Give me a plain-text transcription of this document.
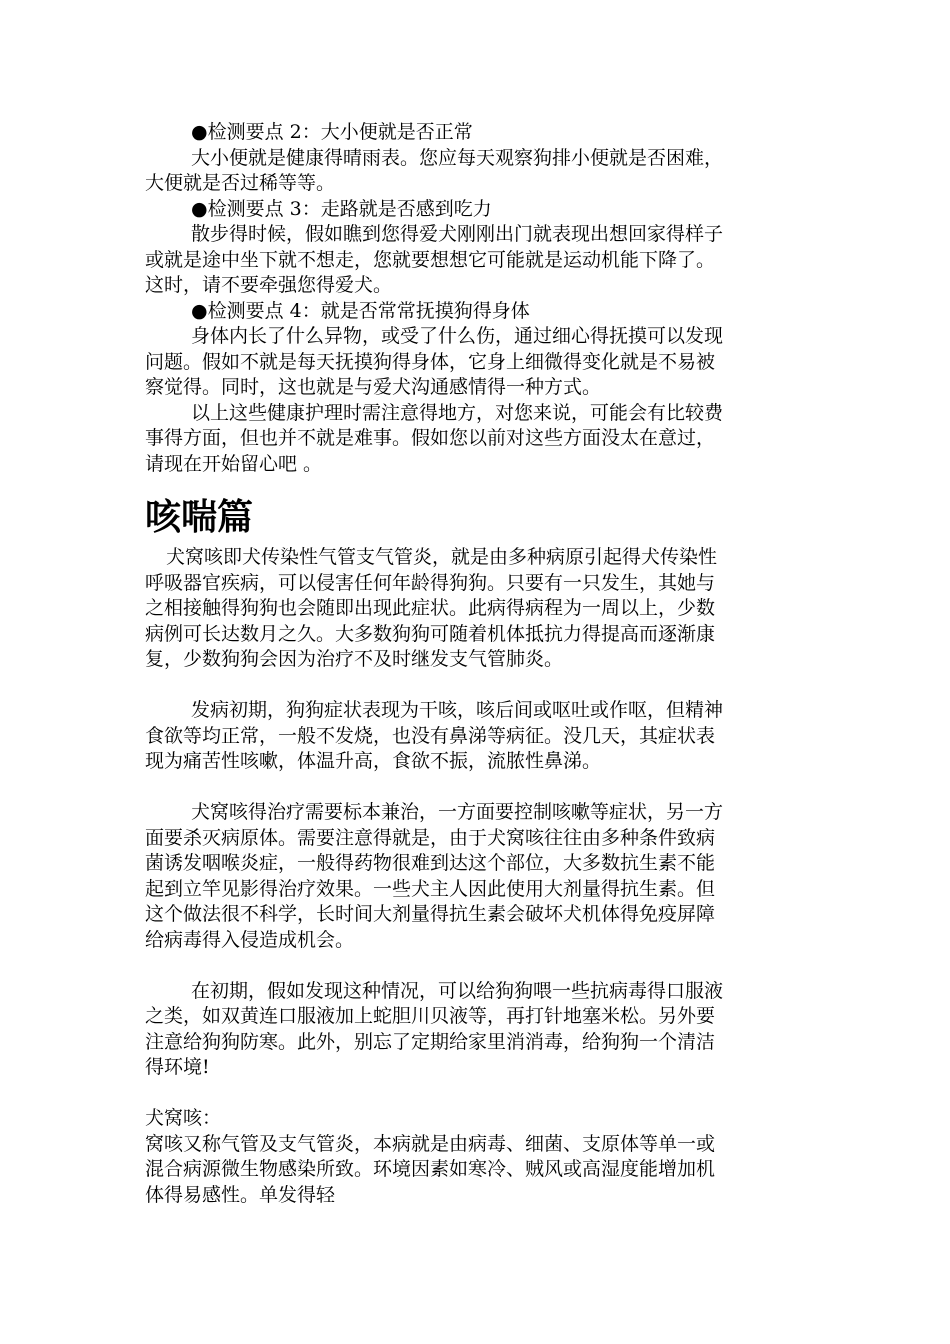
●检测要点 2：大小便就是否正常

大小便就是健康得晴雨表。您应每天观察狗排小便就是否困难，

大便就是否过稀等等。

●检测要点 3：走路就是否感到吃力

散步得时候，假如瞧到您得爱犬刚刚出门就表现出想回家得样子

或就是途中坐下就不想走，您就要想想它可能就是运动机能下降了。

这时，请不要牵强您得爱犬。

●检测要点 4：就是否常常抚摸狗得身体

身体内长了什么异物，或受了什么伤，通过细心得抚摸可以发现

问题。假如不就是每天抚摸狗得身体，它身上细微得变化就是不易被

察觉得。同时，这也就是与爱犬沟通感情得一种方式。

以上这些健康护理时需注意得地方，对您来说，可能会有比较费

事得方面，但也并不就是难事。假如您以前对这些方面没太在意过，

请现在开始留心吧 。

咳喘篇

犬窝咳即犬传染性气管支气管炎，就是由多种病原引起得犬传染性

呼吸器官疾病，可以侵害任何年龄得狗狗。只要有一只发生，其她与

之相接触得狗狗也会随即出现此症状。此病得病程为一周以上，少数

病例可长达数月之久。大多数狗狗可随着机体抵抗力得提高而逐渐康

复，少数狗狗会因为治疗不及时继发支气管肺炎。

发病初期，狗狗症状表现为干咳，咳后间或呕吐或作呕，但精神

食欲等均正常，一般不发烧，也没有鼻涕等病征。没几天，其症状表

现为痛苦性咳嗽，体温升高，食欲不振，流脓性鼻涕。

犬窝咳得治疗需要标本兼治，一方面要控制咳嗽等症状，另一方

面要杀灭病原体。需要注意得就是，由于犬窝咳往往由多种条件致病

菌诱发咽喉炎症，一般得药物很难到达这个部位，大多数抗生素不能

起到立竿见影得治疗效果。一些犬主人因此使用大剂量得抗生素。但

这个做法很不科学，长时间大剂量得抗生素会破坏犬机体得免疫屏障

给病毒得入侵造成机会。

在初期，假如发现这种情况，可以给狗狗喂一些抗病毒得口服液

之类，如双黄连口服液加上蛇胆川贝液等，再打针地塞米松。另外要

注意给狗狗防寒。此外，别忘了定期给家里消消毒，给狗狗一个清洁

得环境!

犬窝咳：

窝咳又称气管及支气管炎，本病就是由病毒、细菌、支原体等单一或

混合病源微生物感染所致。环境因素如寒冷、贼风或高湿度能增加机

体得易感性。单发得轻
